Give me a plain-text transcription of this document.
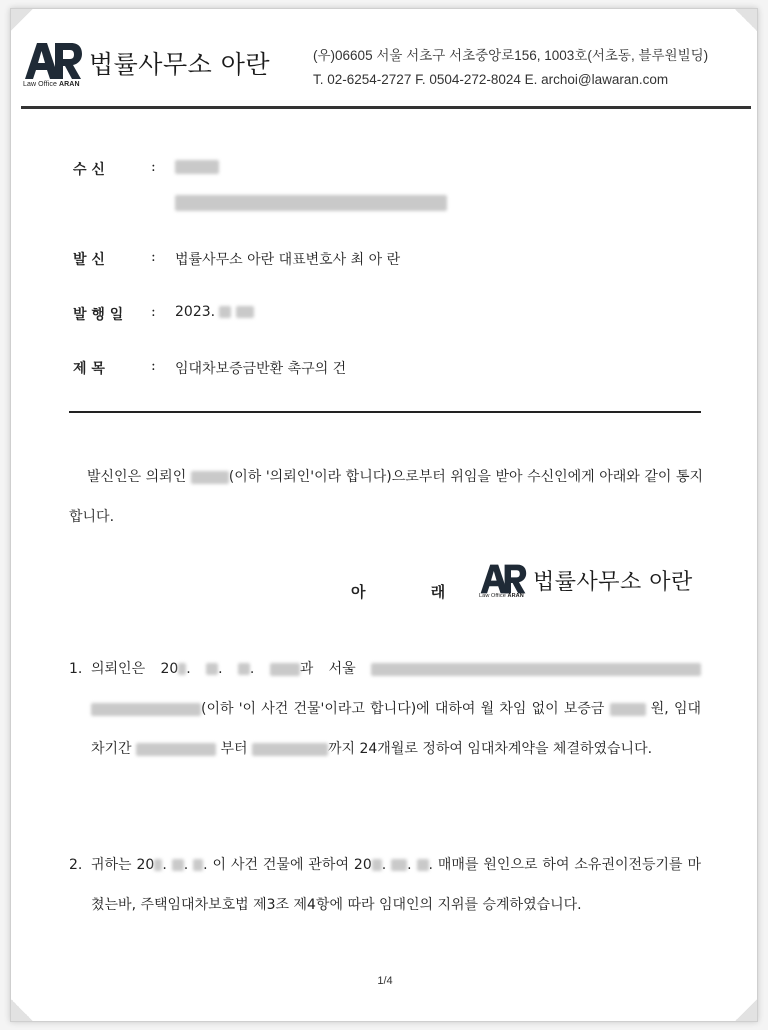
Law Office ARAN
법률사무소 아란	(우)06605 서울 서초구 서초중앙로156, 1003호(서초동, 블루원빌딩)
T. 02-6254-2727 F. 0504-272-8024 E. archoi@lawaran.com
수 신	:
발 신	: 법률사무소 아란 대표변호사 최 아 란
발 행 일	: 2023.
제 목	: 임대차보증금반환 촉구의 건
발신인은 의뢰인	(이하 '의뢰인'이라 합니다)으로부터 위임을 받아 수신인에게 아래와 같이 통지합니다.
아 래 Law Office ARAN
법률사무소 아란
1. 의뢰인은 20 . . . 과 서울  (이하 '이 사건 건물'이라고 합니다)에 대하여 월 차임 없이 보증금	원, 임대차기간	부터	까지 24개월로 정하여 임대차계약을 체결하였습니다.
2. 귀하는 20 . . . 이 사건 건물에 관하여 20 . . . 매매를 원인으로 하여 소유권이전등기를 마쳤는바, 주택임대차보호법 제3조 제4항에 따라 임대인의 지위를 승계하였습니다.
1/4
